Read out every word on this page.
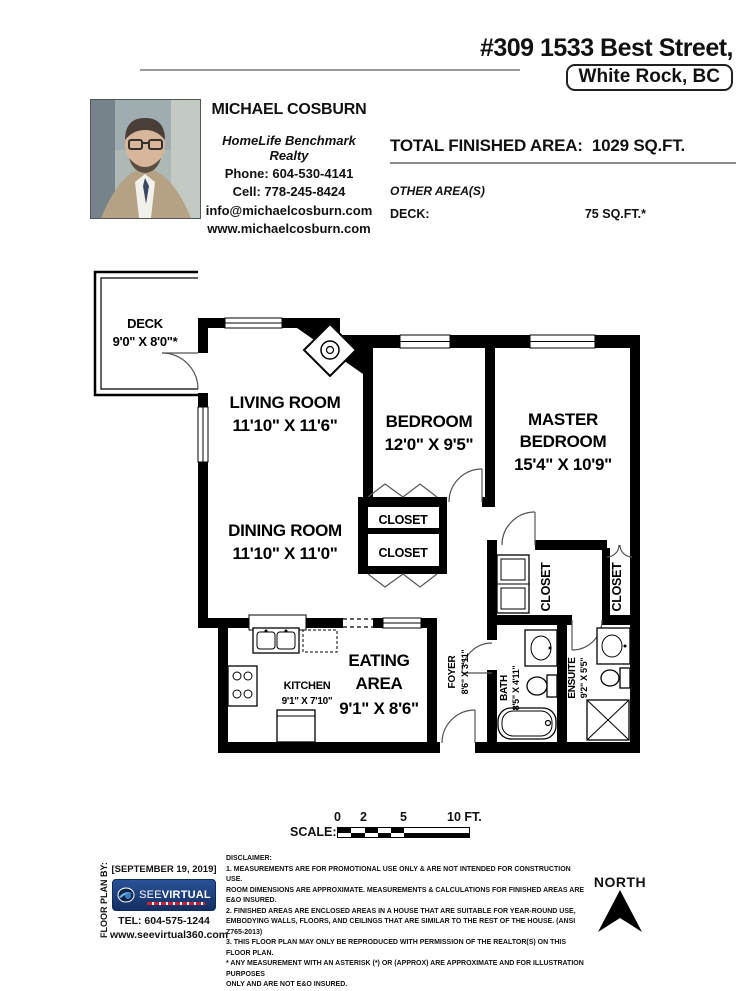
#309 1533 Best Street,
White Rock, BC
MICHAEL COSBURN
HomeLife Benchmark Realty
Phone: 604-530-4141
Cell: 778-245-8424
info@michaelcosburn.com
www.michaelcosburn.com
TOTAL FINISHED AREA: 1029 SQ.FT.
OTHER AREA(S)
DECK:	75 SQ.FT.*
DECK
9'0" X 8'0"*
LIVING ROOM
11'10" X 11'6"	BEDROOM
12'0" X 9'5"
MASTER
BEDROOM
15'4" X 10'9"
DINING ROOM
11'10" X 11'0"
CLOSET
CLOSET
KITCHEN
9'1" X 7'10"
EATING
AREA
9'1" X 8'6"
FOYER 8'6" X 3'11"	BATH 8'5" X 4'11"	ENSUITE 9'2" X 5'5"
CLOSET	CLOSET
SCALE:
0 2	5	10 FT.
FLOOR PLAN BY: [SEPTEMBER 19, 2019]
SEEVIRTUAL
TEL: 604-575-1244
www.seevirtual360.com
DISCLAIMER:
1. MEASUREMENTS ARE FOR PROMOTIONAL USE ONLY & ARE NOT INTENDED FOR CONSTRUCTION USE.
ROOM DIMENSIONS ARE APPROXIMATE. MEASUREMENTS & CALCULATIONS FOR FINISHED AREAS ARE E&O INSURED.
2. FINISHED AREAS ARE ENCLOSED AREAS IN A HOUSE THAT ARE SUITABLE FOR YEAR-ROUND USE,
EMBODYING WALLS, FLOORS, AND CEILINGS THAT ARE SIMILAR TO THE REST OF THE HOUSE. (ANSI Z765-2013)
3. THIS FLOOR PLAN MAY ONLY BE REPRODUCED WITH PERMISSION OF THE REALTOR(S) ON THIS FLOOR PLAN.
* ANY MEASUREMENT WITH AN ASTERISK (*) OR (APPROX) ARE APPROXIMATE AND FOR ILLUSTRATION PURPOSES
ONLY AND ARE NOT E&O INSURED.
NORTH
